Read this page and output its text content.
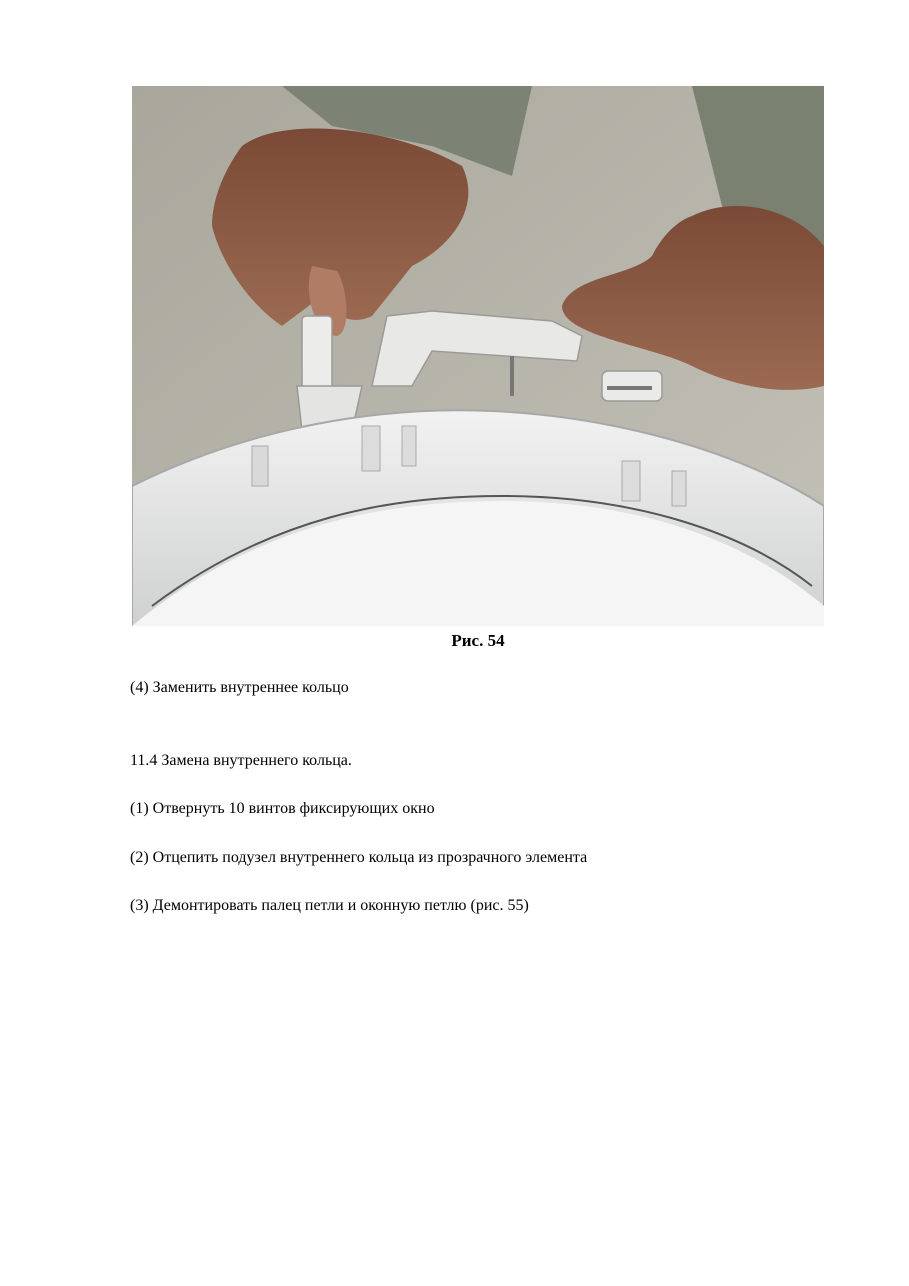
Рис. 54
(4) Заменить внутреннее кольцо
11.4 Замена внутреннего кольца.
(1) Отвернуть 10 винтов фиксирующих окно
(2) Отцепить подузел внутреннего кольца из прозрачного элемента
(3) Демонтировать палец петли и оконную петлю (рис. 55)
